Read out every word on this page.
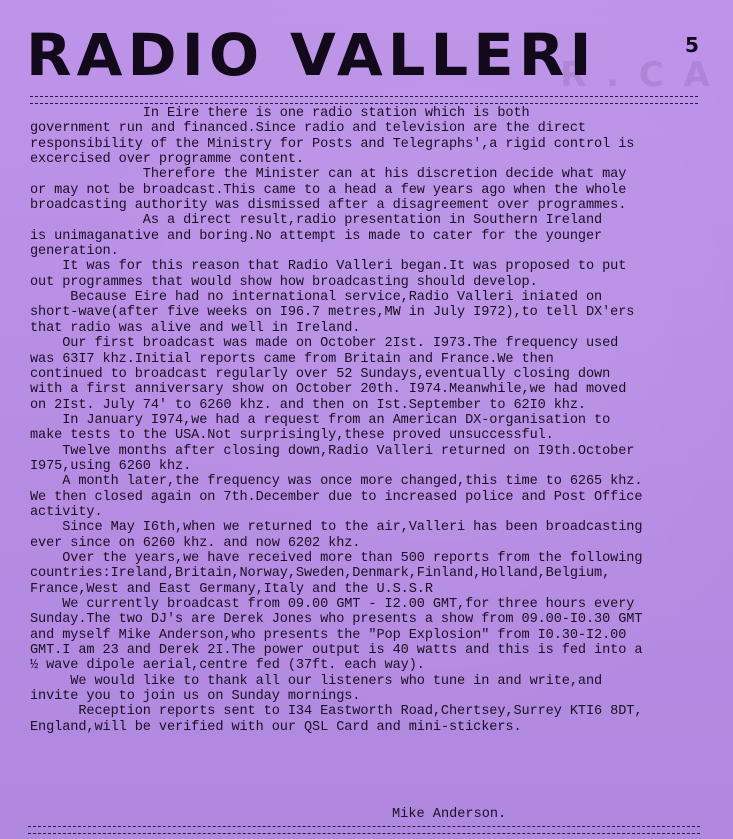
R . C A
RADIO VALLERI	5
In Eire there is one radio station which is both
government run and financed.Since radio and television are the direct
responsibility of the Ministry for Posts and Telegraphs',a rigid control is
excercised over programme content.
Therefore the Minister can at his discretion decide what may
or may not be broadcast.This came to a head a few years ago when the whole
broadcasting authority was dismissed after a disagreement over programmes.
As a direct result,radio presentation in Southern Ireland
is unimaganative and boring.No attempt is made to cater for the younger
generation.
It was for this reason that Radio Valleri began.It was proposed to put
out programmes that would show how broadcasting should develop.
Because Eire had no international service,Radio Valleri iniated on
short-wave(after five weeks on I96.7 metres,MW in July I972),to tell DX'ers
that radio was alive and well in Ireland.
Our first broadcast was made on October 2Ist. I973.The frequency used
was 63I7 khz.Initial reports came from Britain and France.We then
continued to broadcast regularly over 52 Sundays,eventually closing down
with a first anniversary show on October 20th. I974.Meanwhile,we had moved
on 2Ist. July 74' to 6260 khz. and then on Ist.September to 62I0 khz.
In January I974,we had a request from an American DX-organisation to
make tests to the USA.Not surprisingly,these proved unsuccessful.
Twelve months after closing down,Radio Valleri returned on I9th.October
I975,using 6260 khz.
A month later,the frequency was once more changed,this time to 6265 khz.
We then closed again on 7th.December due to increased police and Post Office
activity.
Since May I6th,when we returned to the air,Valleri has been broadcasting
ever since on 6260 khz. and now 6202 khz.
Over the years,we have received more than 500 reports from the following
countries:Ireland,Britain,Norway,Sweden,Denmark,Finland,Holland,Belgium,
France,West and East Germany,Italy and the U.S.S.R
We currently broadcast from 09.00 GMT - I2.00 GMT,for three hours every
Sunday.The two DJ's are Derek Jones who presents a show from 09.00-I0.30 GMT
and myself Mike Anderson,who presents the "Pop Explosion" from I0.30-I2.00
GMT.I am 23 and Derek 2I.The power output is 40 watts and this is fed into a
½ wave dipole aerial,centre fed (37ft. each way).
We would like to thank all our listeners who tune in and write,and
invite you to join us on Sunday mornings.
Reception reports sent to I34 Eastworth Road,Chertsey,Surrey KTI6 8DT,
England,will be verified with our QSL Card and mini-stickers.
Mike Anderson.
